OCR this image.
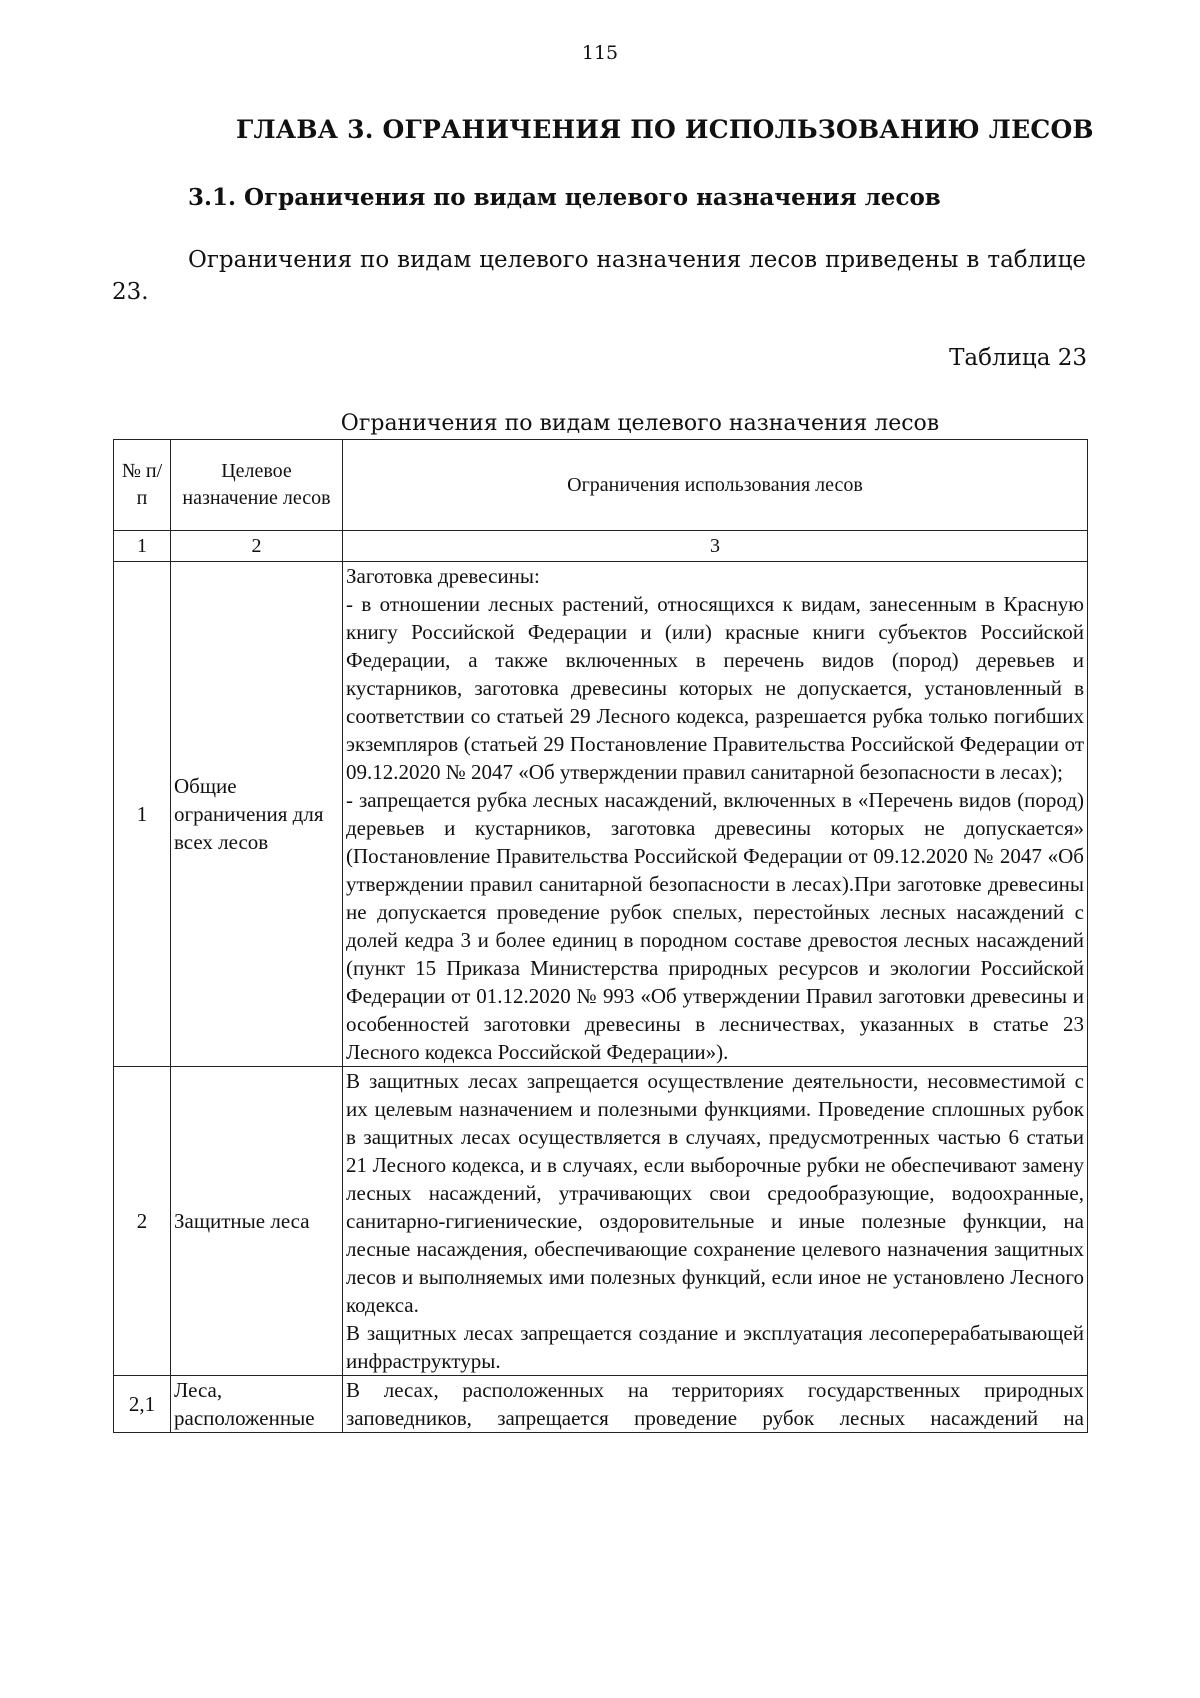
115
ГЛАВА 3. ОГРАНИЧЕНИЯ ПО ИСПОЛЬЗОВАНИЮ ЛЕСОВ
3.1. Ограничения по видам целевого назначения лесов

Ограничения по видам целевого назначения лесов приведены в таблице 23.

Таблица 23
Ограничения по видам целевого назначения лесов
№ п/п	Целевое назначение лесов	Ограничения использования лесов
1	2	3
1	Общие ограничения для всех лесов	Заготовка древесины:

- в отношении лесных растений, относящихся к видам, занесенным в Красную книгу Российской Федерации и (или) красные книги субъектов Российской Федерации, а также включенных в перечень видов (пород) деревьев и кустарников, заготовка древесины которых не допускается, установленный в соответствии со статьей 29 Лесного кодекса, разрешается рубка только погибших экземпляров (статьей 29 Постановление Правительства Российской Федерации от 09.12.2020 № 2047 «Об утверждении правил санитарной безопасности в лесах);

- запрещается рубка лесных насаждений, включенных в «Перечень видов (пород) деревьев и кустарников, заготовка древесины которых не допускается» (Постановление Правительства Российской Федерации от 09.12.2020 № 2047 «Об утверждении правил санитарной безопасности в лесах).При заготовке древесины не допускается проведение рубок спелых, перестойных лесных насаждений с долей кедра 3 и более единиц в породном составе древостоя лесных насаждений (пункт 15 Приказа Министерства природных ресурсов и экологии Российской Федерации от 01.12.2020 № 993 «Об утверждении Правил заготовки древесины и особенностей заготовки древесины в лесничествах, указанных в статье 23 Лесного кодекса Российской Федерации»).

2	Защитные леса	В защитных лесах запрещается осуществление деятельности, несовместимой с их целевым назначением и полезными функциями. Проведение сплошных рубок в защитных лесах осуществляется в случаях, предусмотренных частью 6 статьи 21 Лесного кодекса, и в случаях, если выборочные рубки не обеспечивают замену лесных насаждений, утрачивающих свои средообразующие, водоохранные, санитарно-гигиенические, оздоровительные и иные полезные функции, на лесные насаждения, обеспечивающие сохранение целевого назначения защитных лесов и выполняемых ими полезных функций, если иное не установлено Лесного кодекса.

В защитных лесах запрещается создание и эксплуатация лесоперерабатывающей инфраструктуры.

2,1	Леса, расположенные	В лесах, расположенных на территориях государственных природных заповедников, запрещается проведение рубок лесных насаждений на
